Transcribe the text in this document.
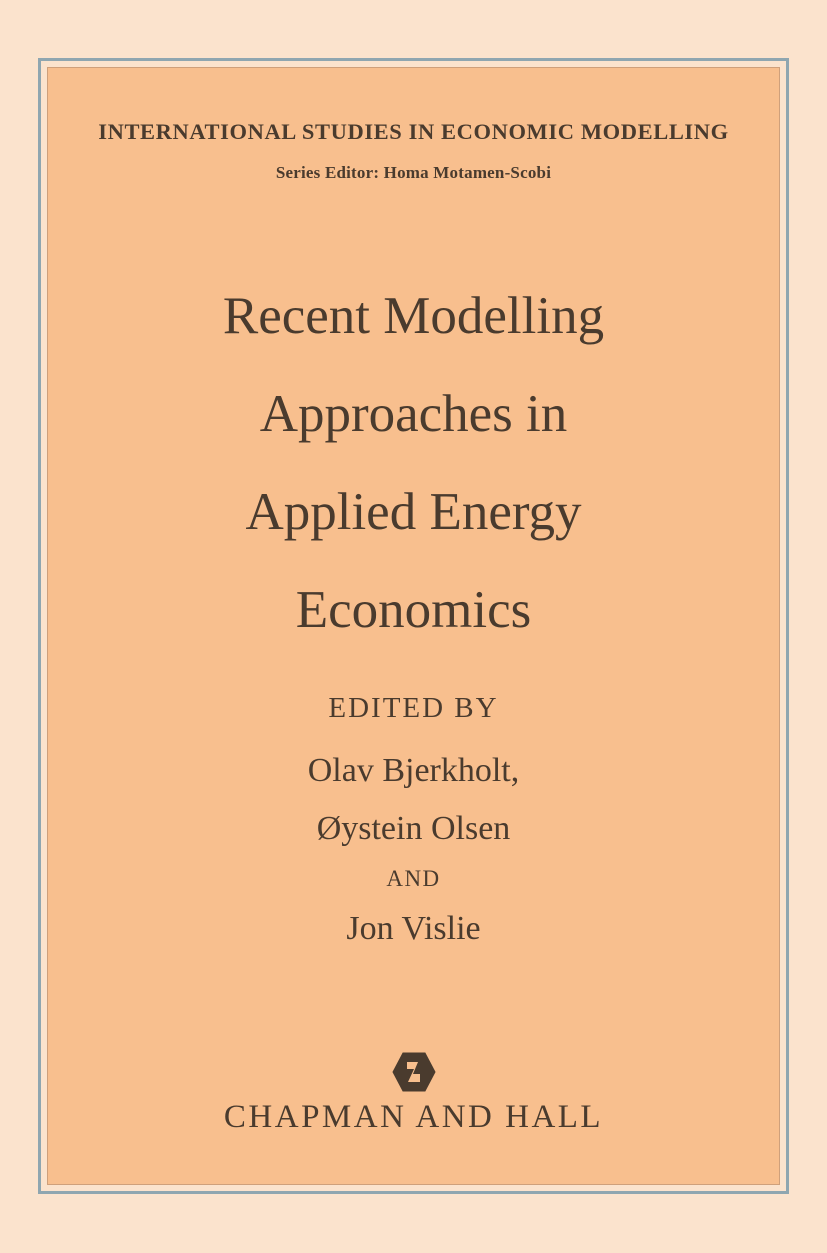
INTERNATIONAL STUDIES IN ECONOMIC MODELLING
Series Editor: Homa Motamen-Scobi
Recent Modelling
Approaches in
Applied Energy
Economics
EDITED BY
Olav Bjerkholt,
Øystein Olsen
AND
Jon Vislie
CHAPMAN AND HALL
